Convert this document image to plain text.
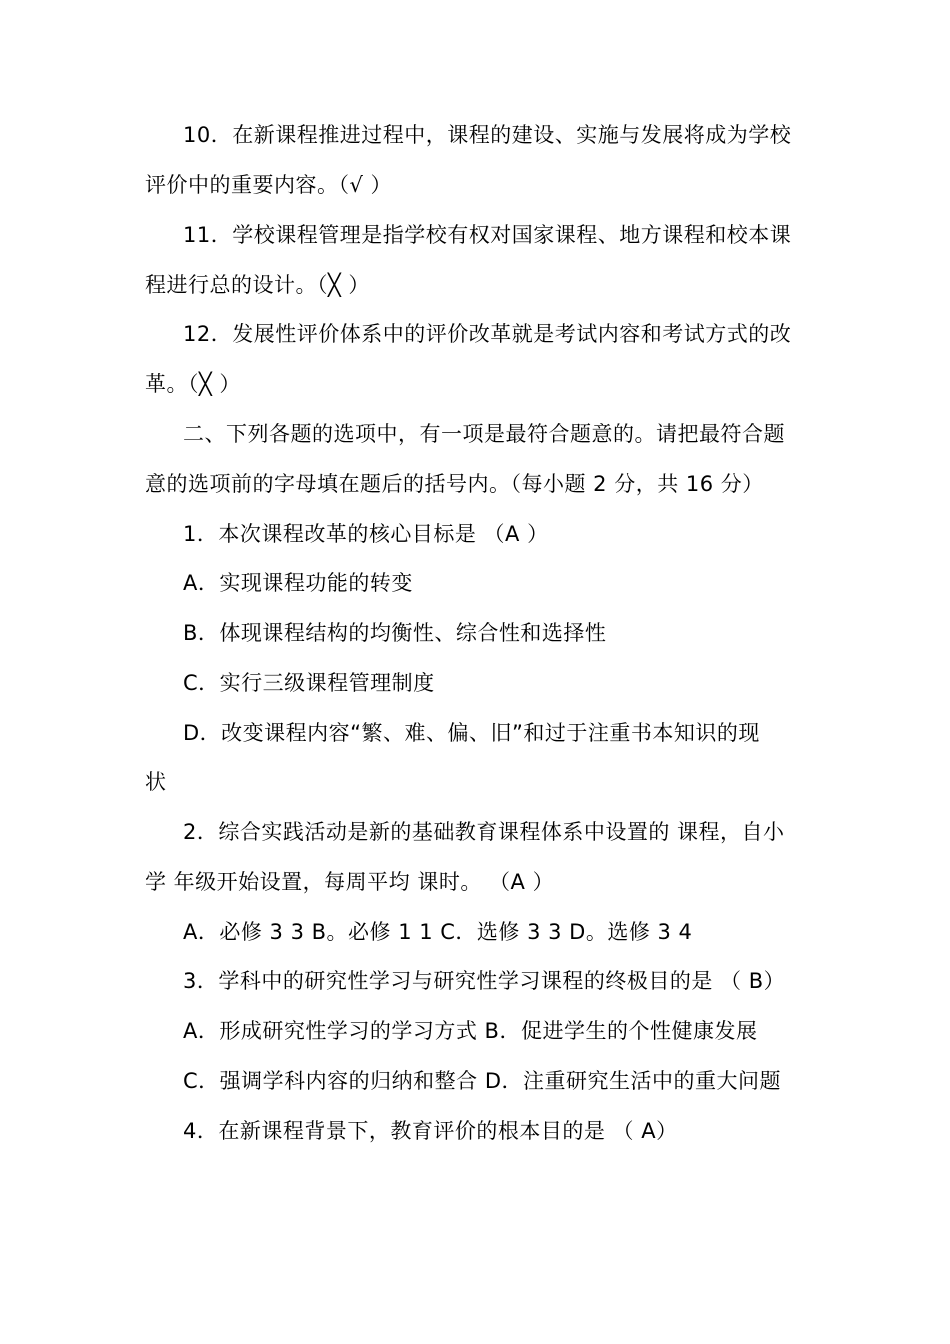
10．在新课程推进过程中，课程的建设、实施与发展将成为学校
评价中的重要内容。（√ ）
11．学校课程管理是指学校有权对国家课程、地方课程和校本课
程进行总的设计。（╳ ）
12．发展性评价体系中的评价改革就是考试内容和考试方式的改
革。（╳ ）
二、下列各题的选项中，有一项是最符合题意的。请把最符合题
意的选项前的字母填在题后的括号内。（每小题 2 分，共 16 分）
1．本次课程改革的核心目标是 （A ）
A．实现课程功能的转变
B．体现课程结构的均衡性、综合性和选择性
C．实行三级课程管理制度
D．改变课程内容“繁、难、偏、旧”和过于注重书本知识的现
状
2．综合实践活动是新的基础教育课程体系中设置的 课程，自小
学 年级开始设置，每周平均 课时。 （A ）
A．必修 3 3 B。必修 1 1 C．选修 3 3 D。选修 3 4
3．学科中的研究性学习与研究性学习课程的终极目的是 （ B）
A．形成研究性学习的学习方式 B．促进学生的个性健康发展
C．强调学科内容的归纳和整合 D．注重研究生活中的重大问题
4．在新课程背景下，教育评价的根本目的是 （ A）
